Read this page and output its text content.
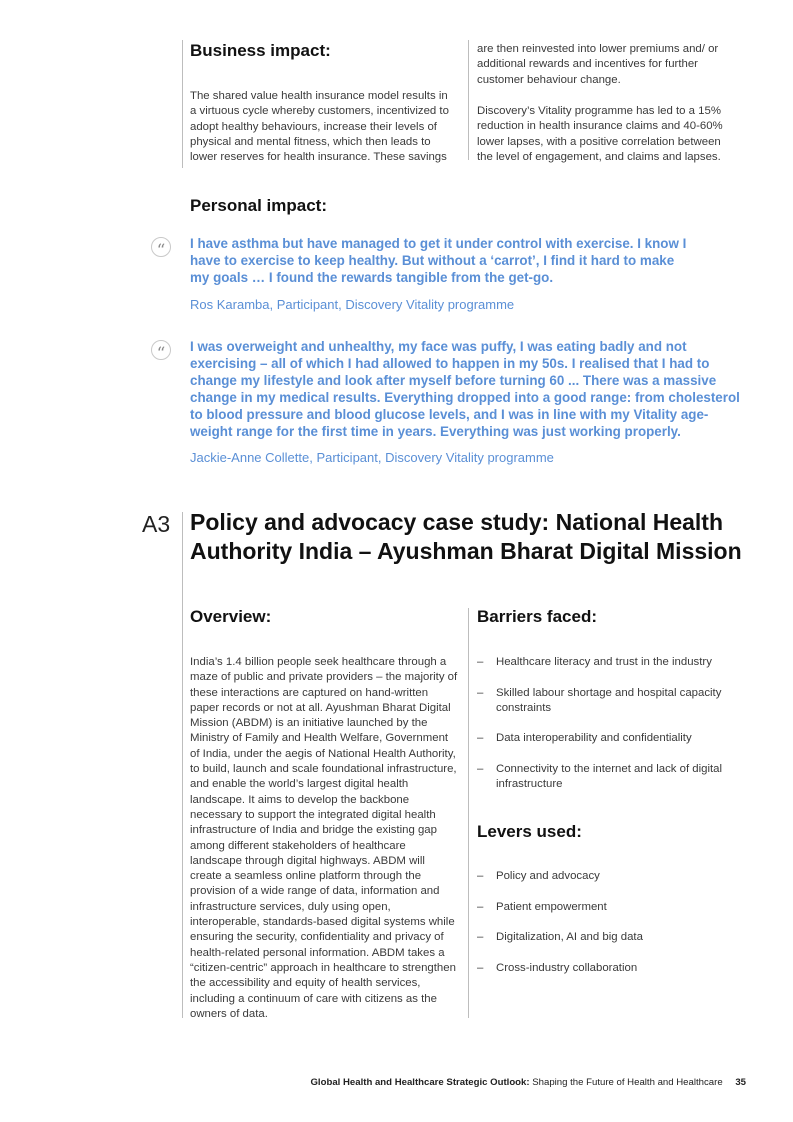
Business impact:

The shared value health insurance model results in a virtuous cycle whereby customers, incentivized to adopt healthy behaviours, increase their levels of physical and mental fitness, which then leads to lower reserves for health insurance. These savings

are then reinvested into lower premiums and/ or additional rewards and incentives for further customer behaviour change.

Discovery’s Vitality programme has led to a 15% reduction in health insurance claims and 40-60% lower lapses, with a positive correlation between the level of engagement, and claims and lapses.

Personal impact:
“	I have asthma but have managed to get it under control with exercise. I know I have to exercise to keep healthy. But without a ‘carrot’, I find it hard to make my goals … I found the rewards tangible from the get-go.

Ros Karamba, Participant, Discovery Vitality programme

“	I was overweight and unhealthy, my face was puffy, I was eating badly and not exercising – all of which I had allowed to happen in my 50s. I realised that I had to change my lifestyle and look after myself before turning 60 ... There was a massive change in my medical results. Everything dropped into a good range: from cholesterol to blood pressure and blood glucose levels, and I was in line with my Vitality age-weight range for the first time in years. Everything was just working properly.

Jackie-Anne Collette, Participant, Discovery Vitality programme

A3 Policy and advocacy case study: National Health Authority India – Ayushman Bharat Digital Mission
Overview:

India’s 1.4 billion people seek healthcare through a maze of public and private providers – the majority of these interactions are captured on hand-written paper records or not at all. Ayushman Bharat Digital Mission (ABDM) is an initiative launched by the Ministry of Family and Health Welfare, Government of India, under the aegis of National Health Authority, to build, launch and scale foundational infrastructure, and enable the world’s largest digital health landscape. It aims to develop the backbone necessary to support the integrated digital health infrastructure of India and bridge the existing gap among different stakeholders of healthcare landscape through digital highways. ABDM will create a seamless online platform through the provision of a wide range of data, information and infrastructure services, duly using open, interoperable, standards-based digital systems while ensuring the security, confidentiality and privacy of health-related personal information. ABDM takes a “citizen-centric” approach in healthcare to strengthen the accessibility and equity of health services, including a continuum of care with citizens as the owners of data.

Barriers faced:
– Healthcare literacy and trust in the industry
– Skilled labour shortage and hospital capacity constraints
– Data interoperability and confidentiality
– Connectivity to the internet and lack of digital infrastructure
Levers used:
– Policy and advocacy
– Patient empowerment
– Digitalization, AI and big data
– Cross-industry collaboration
Global Health and Healthcare Strategic Outlook: Shaping the Future of Health and Healthcare 35
